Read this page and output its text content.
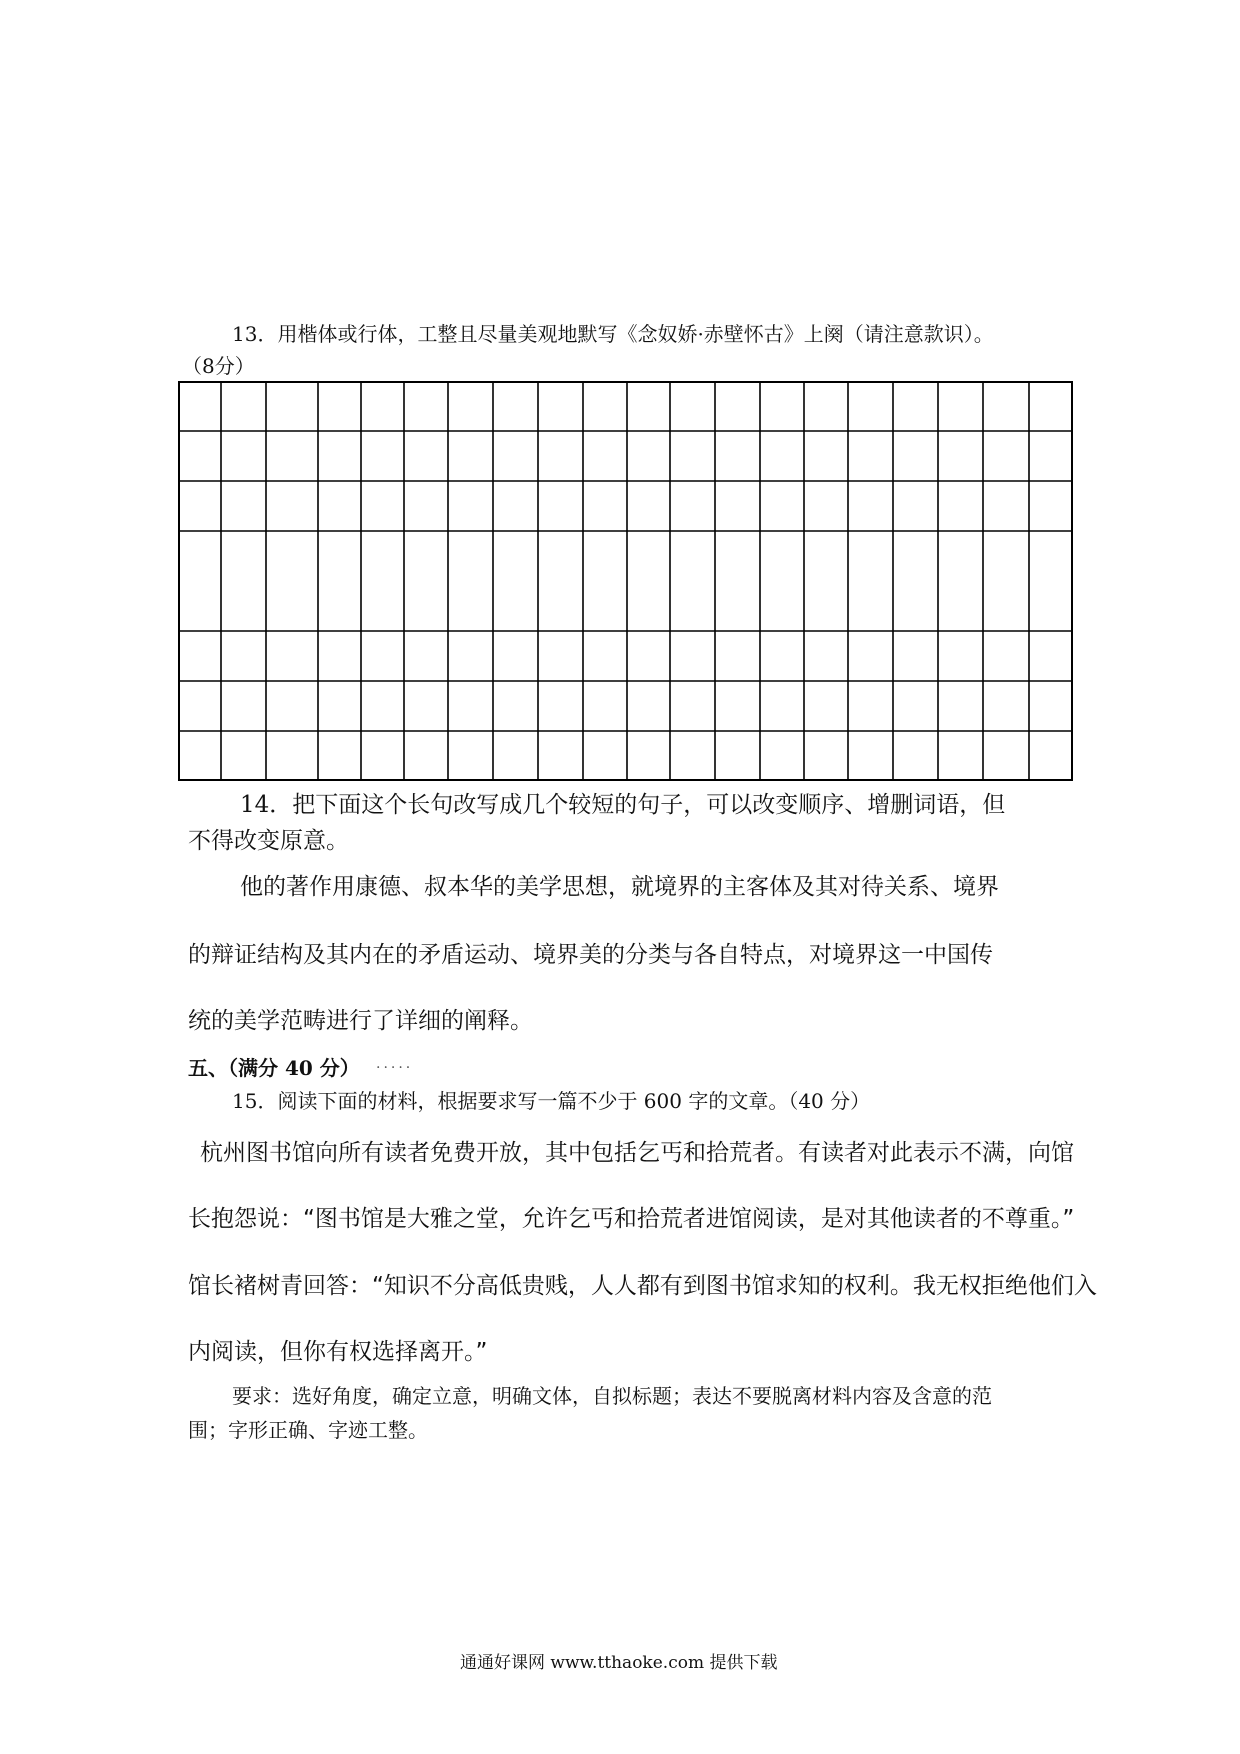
13．用楷体或行体，工整且尽量美观地默写《念奴娇·赤壁怀古》上阕（请注意款识）。
（8分）
14．把下面这个长句改写成几个较短的句子，可以改变顺序、增删词语，但
不得改变原意。
他的著作用康德、叔本华的美学思想，就境界的主客体及其对待关系、境界
的辩证结构及其内在的矛盾运动、境界美的分类与各自特点，对境界这一中国传
统的美学范畴进行了详细的阐释。
五、（满分 40 分） .....
15．阅读下面的材料，根据要求写一篇不少于 600 字的文章。（40 分）
杭州图书馆向所有读者免费开放，其中包括乞丐和拾荒者。有读者对此表示不满，向馆
长抱怨说：“图书馆是大雅之堂，允许乞丐和拾荒者进馆阅读，是对其他读者的不尊重。”
馆长褚树青回答：“知识不分高低贵贱，人人都有到图书馆求知的权利。我无权拒绝他们入
内阅读，但你有权选择离开。”
要求：选好角度，确定立意，明确文体，自拟标题；表达不要脱离材料内容及含意的范
围；字形正确、字迹工整。
通通好课网 www.tthaoke.com 提供下载
